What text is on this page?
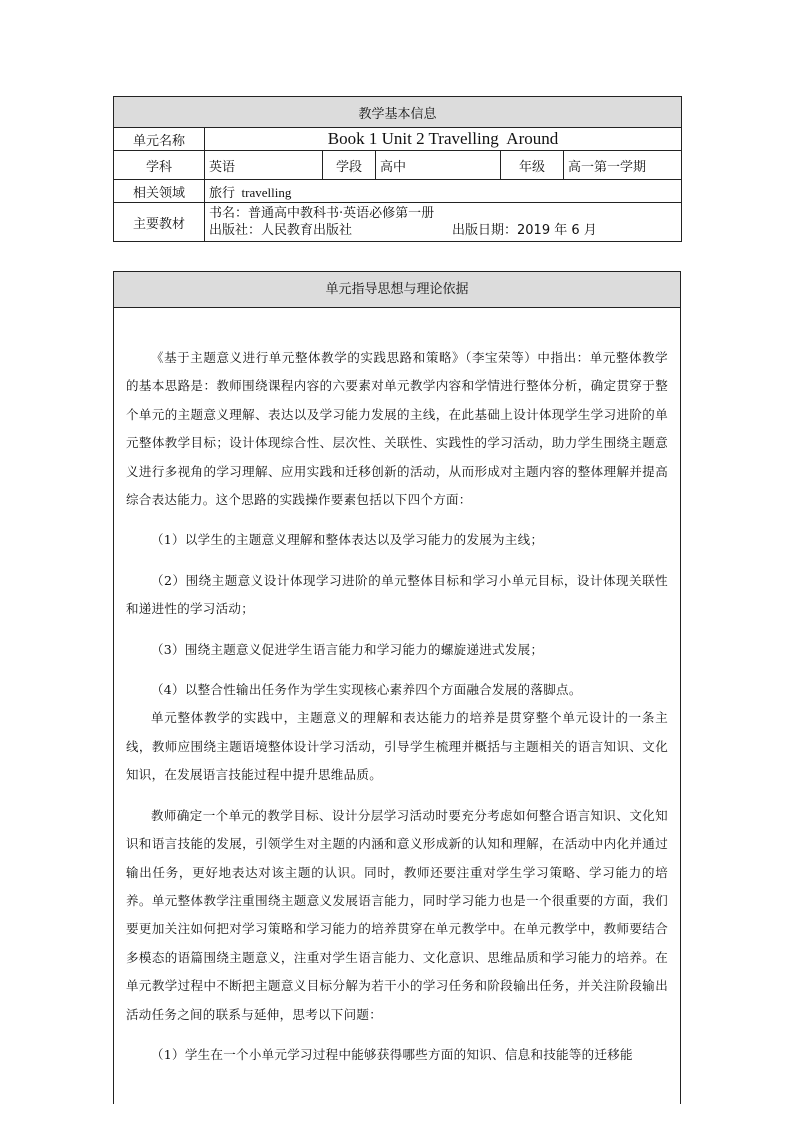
教学基本信息					
单元名称	Book 1 Unit 2 Travelling  Around				
学科	英语	学段	高中	年级	高一第一学期
相关领域	旅行  travelling				
主要教材	书名：普通高中教科书·英语必修第一册
出版社：人民教育出版社 出版日期：2019 年 6 月				
单元指导思想与理论依据

《基于主题意义进行单元整体教学的实践思路和策略》（李宝荣等）中指出：单元整体教学的基本思路是：教师围绕课程内容的六要素对单元教学内容和学情进行整体分析，确定贯穿于整个单元的主题意义理解、表达以及学习能力发展的主线，在此基础上设计体现学生学习进阶的单元整体教学目标；设计体现综合性、层次性、关联性、实践性的学习活动，助力学生围绕主题意义进行多视角的学习理解、应用实践和迁移创新的活动，从而形成对主题内容的整体理解并提高综合表达能力。这个思路的实践操作要素包括以下四个方面：

（1）以学生的主题意义理解和整体表达以及学习能力的发展为主线；

（2）围绕主题意义设计体现学习进阶的单元整体目标和学习小单元目标，设计体现关联性和递进性的学习活动；

（3）围绕主题意义促进学生语言能力和学习能力的螺旋递进式发展；

（4）以整合性输出任务作为学生实现核心素养四个方面融合发展的落脚点。

单元整体教学的实践中，主题意义的理解和表达能力的培养是贯穿整个单元设计的一条主线，教师应围绕主题语境整体设计学习活动，引导学生梳理并概括与主题相关的语言知识、文化知识，在发展语言技能过程中提升思维品质。

教师确定一个单元的教学目标、设计分层学习活动时要充分考虑如何整合语言知识、文化知识和语言技能的发展，引领学生对主题的内涵和意义形成新的认知和理解，在活动中内化并通过输出任务，更好地表达对该主题的认识。同时，教师还要注重对学生学习策略、学习能力的培养。单元整体教学注重围绕主题意义发展语言能力，同时学习能力也是一个很重要的方面，我们要更加关注如何把对学习策略和学习能力的培养贯穿在单元教学中。在单元教学中，教师要结合多模态的语篇围绕主题意义，注重对学生语言能力、文化意识、思维品质和学习能力的培养。在单元教学过程中不断把主题意义目标分解为若干小的学习任务和阶段输出任务，并关注阶段输出活动任务之间的联系与延伸，思考以下问题：

（1）学生在一个小单元学习过程中能够获得哪些方面的知识、信息和技能等的迁移能
